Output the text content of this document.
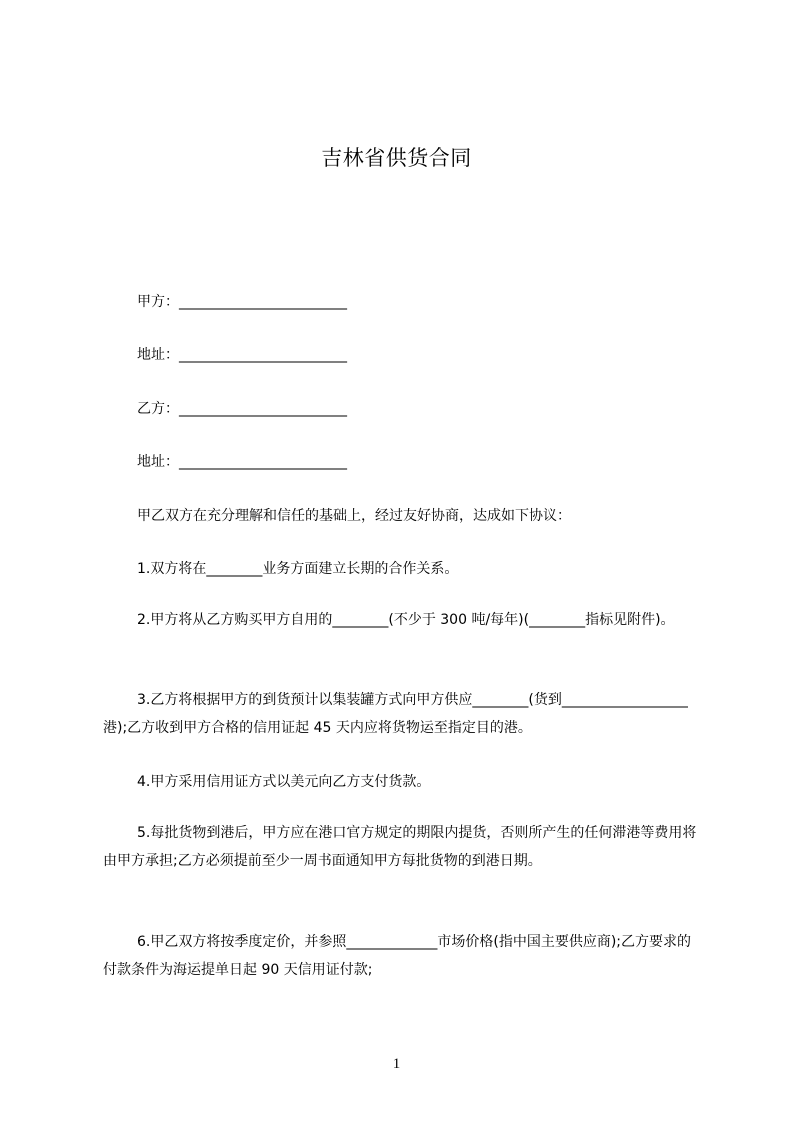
吉林省供货合同
甲方：________________________
地址：________________________
乙方：________________________
地址：________________________
甲乙双方在充分理解和信任的基础上，经过友好协商，达成如下协议：
1.双方将在________业务方面建立长期的合作关系。
2.甲方将从乙方购买甲方自用的________(不少于 300 吨/每年)(________指标见附件)。
3.乙方将根据甲方的到货预计以集装罐方式向甲方供应________(货到__________________港);乙方收到甲方合格的信用证起 45 天内应将货物运至指定目的港。
4.甲方采用信用证方式以美元向乙方支付货款。
5.每批货物到港后，甲方应在港口官方规定的期限内提货，否则所产生的任何滞港等费用将由甲方承担;乙方必须提前至少一周书面通知甲方每批货物的到港日期。
6.甲乙双方将按季度定价，并参照_____________市场价格(指中国主要供应商);乙方要求的付款条件为海运提单日起 90 天信用证付款;
1
